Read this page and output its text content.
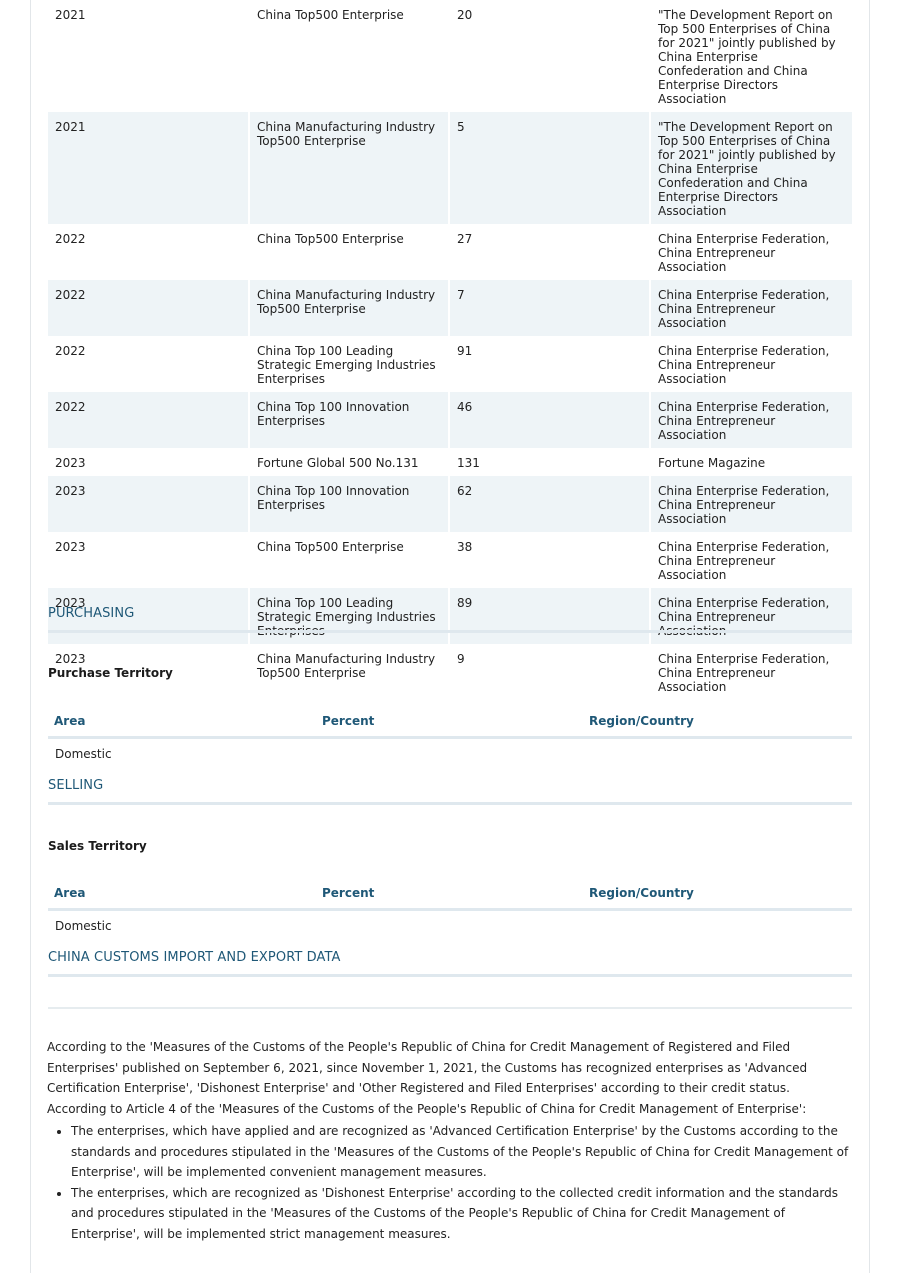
2021	China Top500 Enterprise	20	"The Development Report on Top 500 Enterprises of China for 2021" jointly published by China Enterprise Confederation and China Enterprise Directors Association
2021	China Manufacturing Industry Top500 Enterprise	5	"The Development Report on Top 500 Enterprises of China for 2021" jointly published by China Enterprise Confederation and China Enterprise Directors Association
2022	China Top500 Enterprise	27	China Enterprise Federation, China Entrepreneur Association
2022	China Manufacturing Industry Top500 Enterprise	7	China Enterprise Federation, China Entrepreneur Association
2022	China Top 100 Leading Strategic Emerging Industries Enterprises	91	China Enterprise Federation, China Entrepreneur Association
2022	China Top 100 Innovation Enterprises	46	China Enterprise Federation, China Entrepreneur Association
2023	Fortune Global 500 No.131	131	Fortune Magazine
2023	China Top 100 Innovation Enterprises	62	China Enterprise Federation, China Entrepreneur Association
2023	China Top500 Enterprise	38	China Enterprise Federation, China Entrepreneur Association
2023	China Top 100 Leading Strategic Emerging Industries Enterprises	89	China Enterprise Federation, China Entrepreneur Association
2023	China Manufacturing Industry Top500 Enterprise	9	China Enterprise Federation, China Entrepreneur Association
PURCHASING
Purchase Territory
Area	Percent	Region/Country
Domestic
SELLING
Sales Territory
Area	Percent	Region/Country
Domestic
CHINA CUSTOMS IMPORT AND EXPORT DATA

According to the 'Measures of the Customs of the People's Republic of China for Credit Management of Registered and Filed Enterprises' published on September 6, 2021, since November 1, 2021, the Customs has recognized enterprises as 'Advanced Certification Enterprise', 'Dishonest Enterprise' and 'Other Registered and Filed Enterprises' according to their credit status.

According to Article 4 of the 'Measures of the Customs of the People's Republic of China for Credit Management of Enterprise':

• The enterprises, which have applied and are recognized as 'Advanced Certification Enterprise' by the Customs according to the standards and procedures stipulated in the 'Measures of the Customs of the People's Republic of China for Credit Management of Enterprise', will be implemented convenient management measures.
• The enterprises, which are recognized as 'Dishonest Enterprise' according to the collected credit information and the standards and procedures stipulated in the 'Measures of the Customs of the People's Republic of China for Credit Management of Enterprise', will be implemented strict management measures.
